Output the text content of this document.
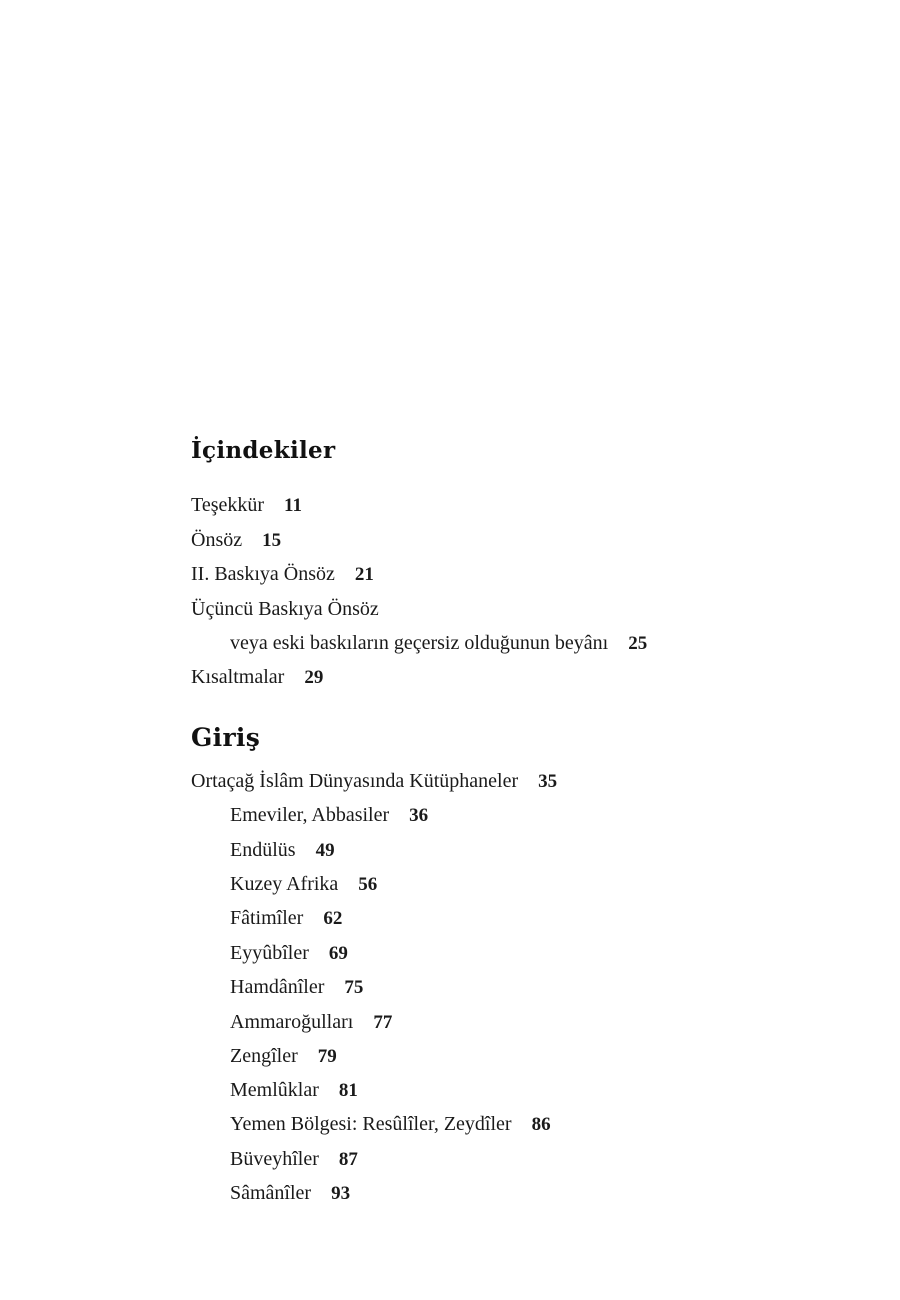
İçindekiler
Teşekkür 11
Önsöz 15
II. Baskıya Önsöz 21
Üçüncü Baskıya Önsöz
veya eski baskıların geçersiz olduğunun beyânı 25
Kısaltmalar 29
Giriş
Ortaçağ İslâm Dünyasında Kütüphaneler 35
Emeviler, Abbasiler 36
Endülüs 49
Kuzey Afrika 56
Fâtimîler 62
Eyyûbîler 69
Hamdânîler 75
Ammaroğulları 77
Zengîler 79
Memlûklar 81
Yemen Bölgesi: Resûlîler, Zeydîler 86
Büveyhîler 87
Sâmânîler 93
